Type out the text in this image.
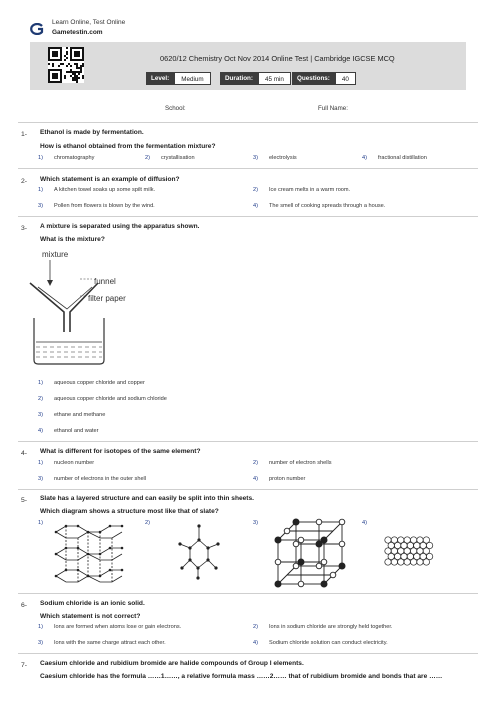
Learn Online, Test Online
Gametestin.com
0620/12 Chemistry Oct Nov 2014 Online Test | Cambridge IGCSE MCQ
Level:	Medium	Duration:	45 min	Questions:	40
School:	Full Name:
1- Ethanol is made by fermentation.
How is ethanol obtained from the fermentation mixture?
1) chromatography	2) crystallisation	3) electrolysis	4) fractional distillation
2- Which statement is an example of diffusion?
1) A kitchen towel soaks up some spilt milk.	2) Ice cream melts in a warm room.
3) Pollen from flowers is blown by the wind.	4) The smell of cooking spreads through a house.
3- A mixture is separated using the apparatus shown.
What is the mixture?
mixture
funnel
filter paper
1) aqueous copper chloride and copper
2) aqueous copper chloride and sodium chloride
3) ethane and methane
4) ethanol and water
4- What is different for isotopes of the same element?
1) nucleon number	2) number of electron shells
3) number of electrons in the outer shell	4) proton number
5- Slate has a layered structure and can easily be split into thin sheets.
Which diagram shows a structure most like that of slate?
1)	2)	3)	4)
6- Sodium chloride is an ionic solid.
Which statement is not correct?
1) Ions are formed when atoms lose or gain electrons.	2) Ions in sodium chloride are strongly held together.
3) Ions with the same charge attract each other.	4) Sodium chloride solution can conduct electricity.
7- Caesium chloride and rubidium bromide are halide compounds of Group I elements.
Caesium chloride has the formula ……1……, a relative formula mass ……2…… that of rubidium bromide and bonds that are ……
